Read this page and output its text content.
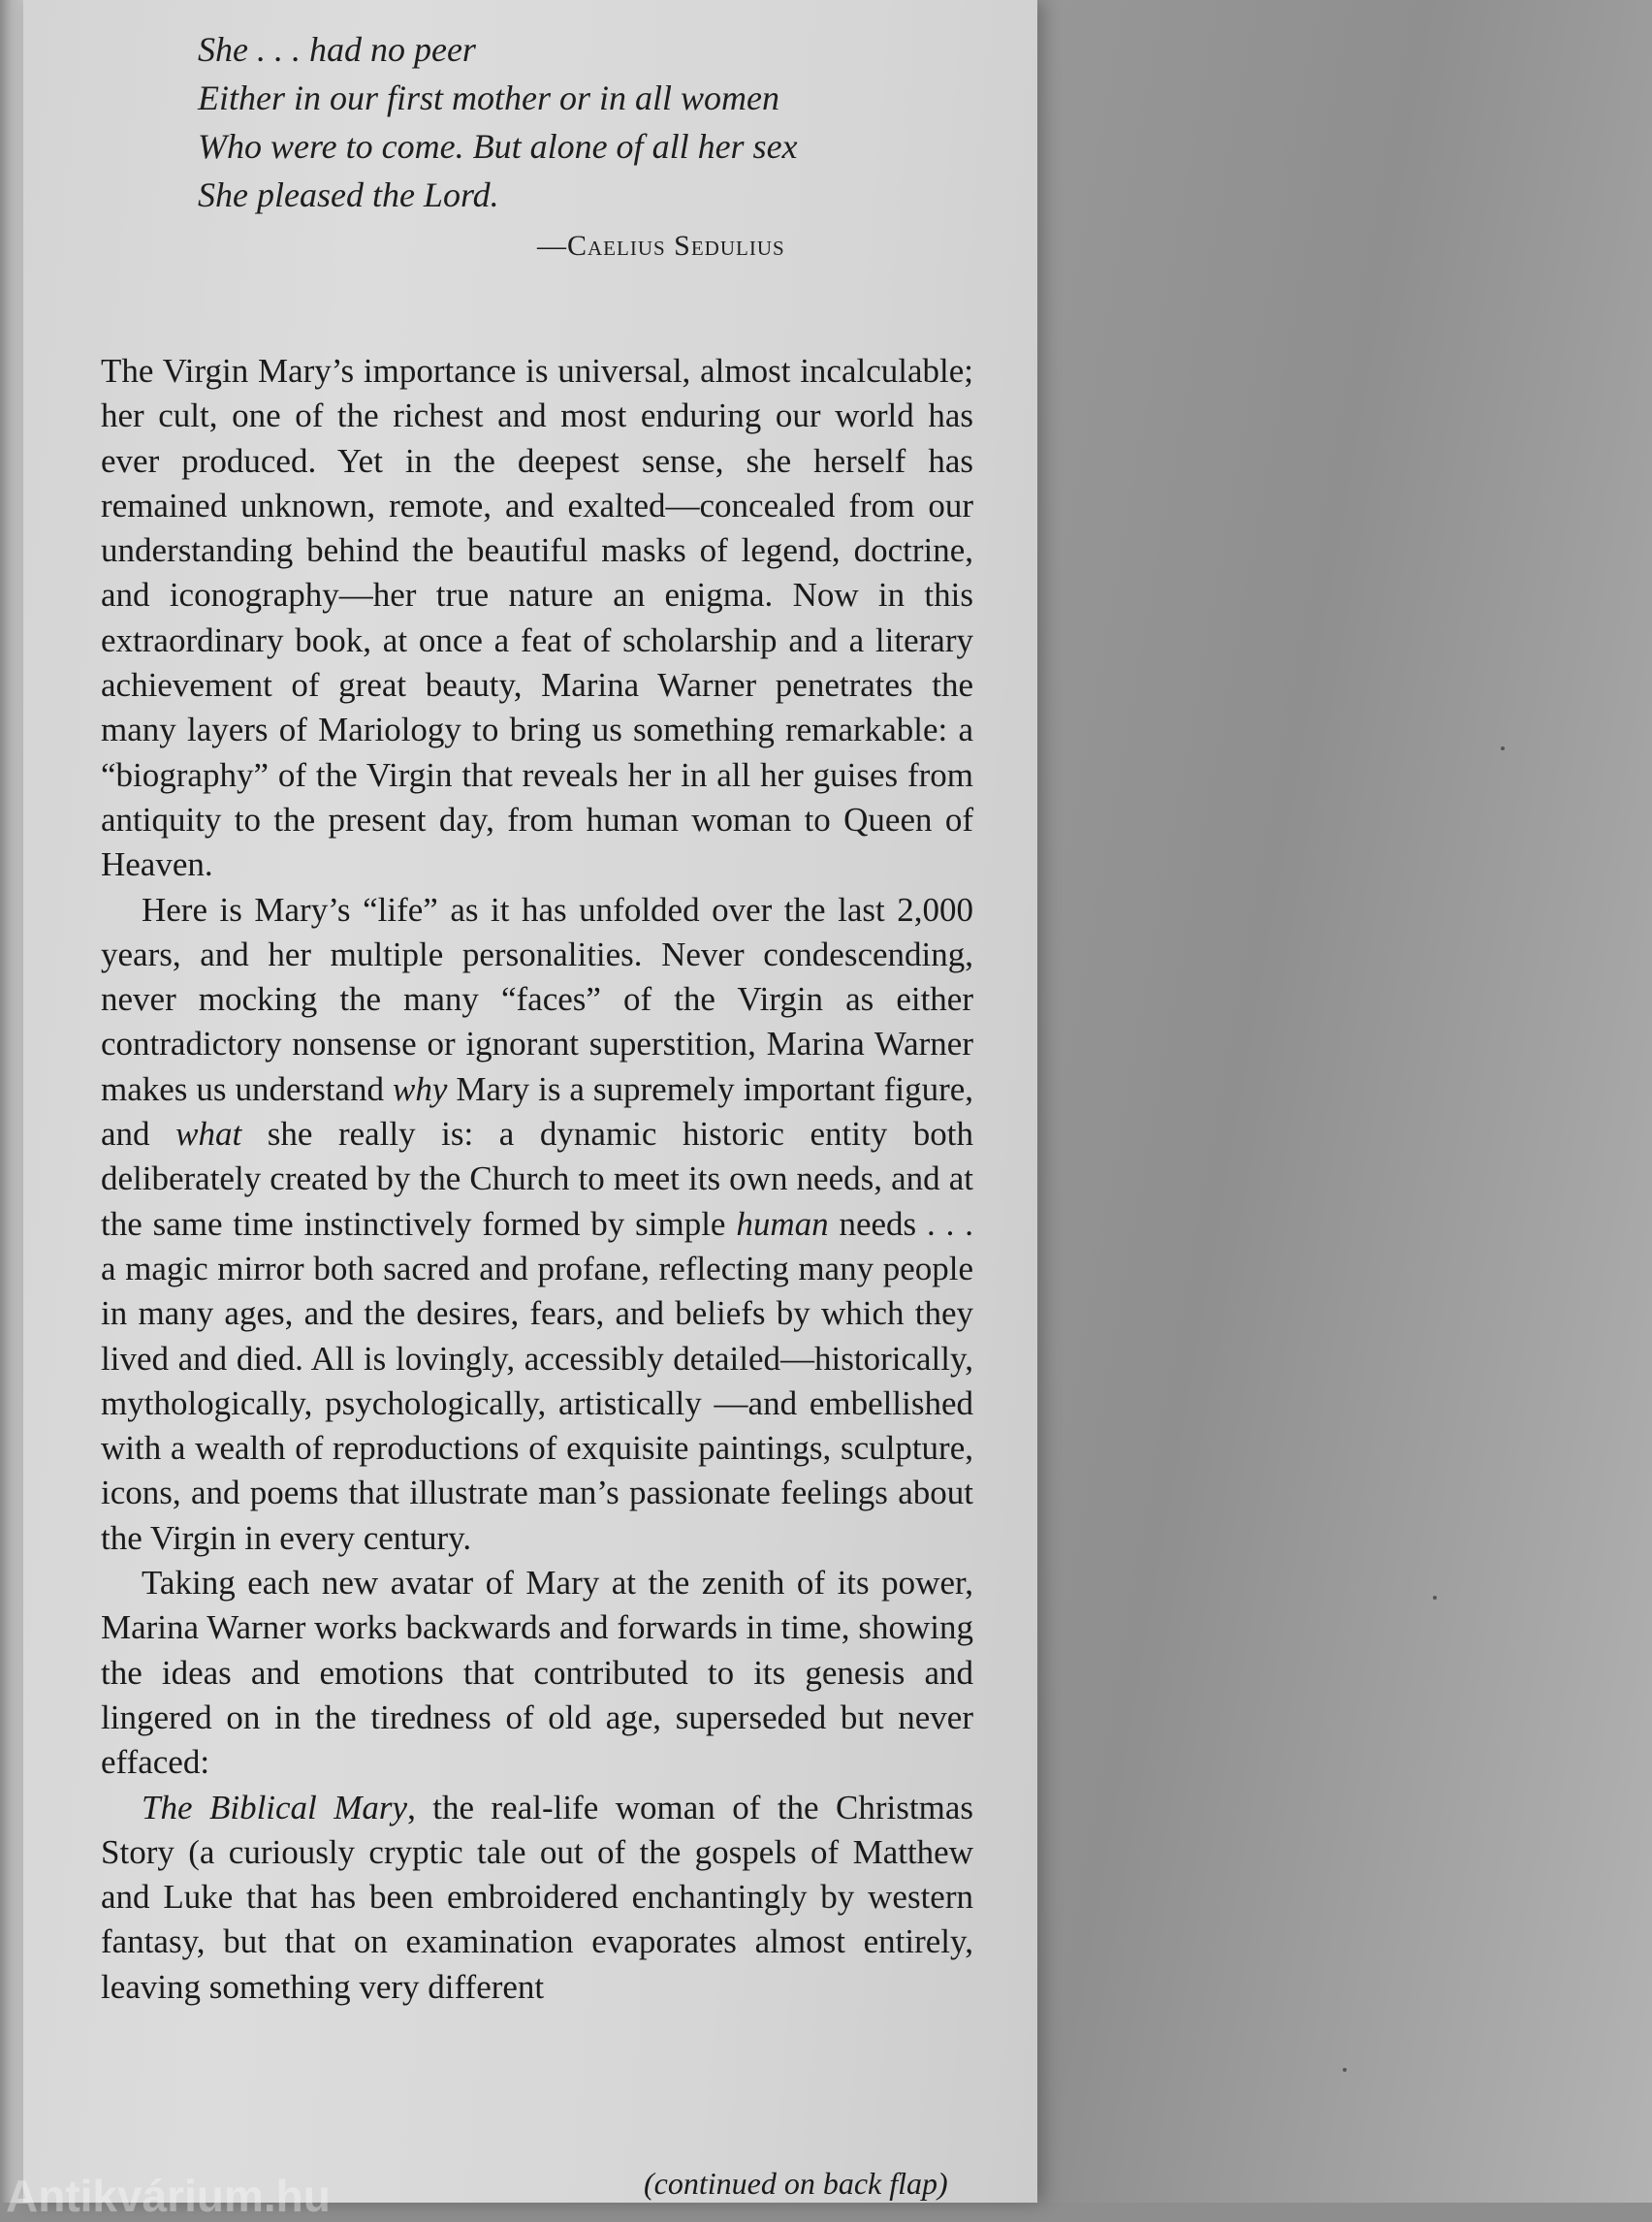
She . . . had no peer
Either in our first mother or in all women
Who were to come. But alone of all her sex
She pleased the Lord.
—Caelius Sedulius

The Virgin Mary’s importance is universal, almost incalculable; her cult, one of the richest and most enduring our world has ever produced. Yet in the deepest sense, she herself has remained unknown, remote, and exalted—concealed from our understanding behind the beautiful masks of legend, doctrine, and iconography—her true nature an enigma. Now in this extraordinary book, at once a feat of scholarship and a literary achievement of great beauty, Marina Warner penetrates the many layers of Mariology to bring us something remarkable: a “biography” of the Virgin that reveals her in all her guises from antiquity to the present day, from human woman to Queen of Heaven.

Here is Mary’s “life” as it has unfolded over the last 2,000 years, and her multiple personalities. Never condescending, never mocking the many “faces” of the Virgin as either contradictory nonsense or ignorant superstition, Marina Warner makes us understand why Mary is a supremely important figure, and what she really is: a dynamic historic entity both deliberately created by the Church to meet its own needs, and at the same time instinctively formed by simple human needs . . . a magic mirror both sacred and profane, reflecting many people in many ages, and the desires, fears, and beliefs by which they lived and died. All is lovingly, accessibly detailed—historically, mythologically, psychologically, artistically —and embellished with a wealth of reproductions of exquisite paintings, sculpture, icons, and poems that illustrate man’s passionate feelings about the Virgin in every century.

Taking each new avatar of Mary at the zenith of its power, Marina Warner works backwards and forwards in time, showing the ideas and emotions that contributed to its genesis and lingered on in the tiredness of old age, superseded but never effaced:

The Biblical Mary, the real-life woman of the Christmas Story (a curiously cryptic tale out of the gospels of Matthew and Luke that has been embroidered enchantingly by western fantasy, but that on examination evaporates almost entirely, leaving something very different

(continued on back flap)
Antikvárium.hu
